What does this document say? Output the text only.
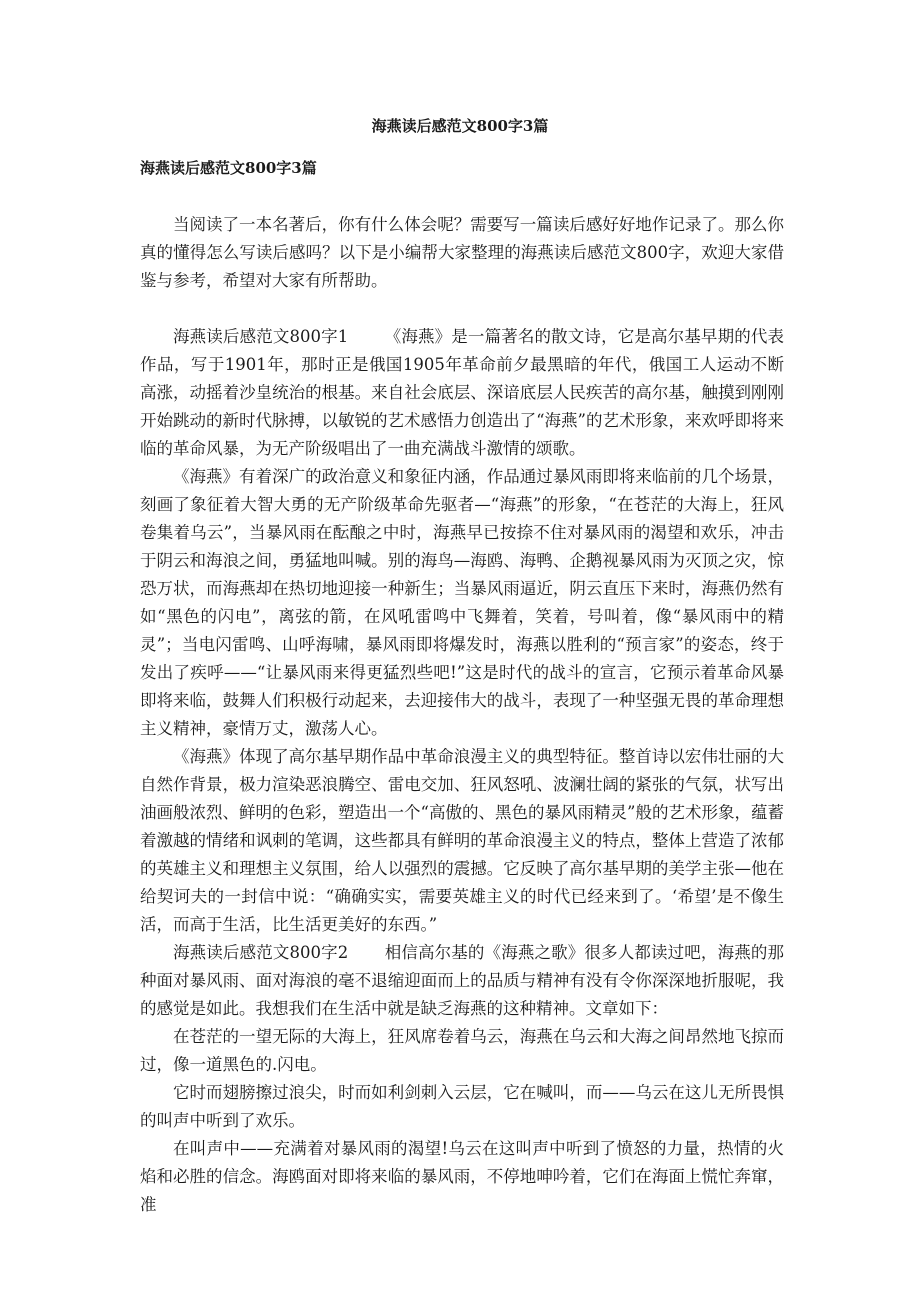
海燕读后感范文800字3篇
海燕读后感范文800字3篇

当阅读了一本名著后，你有什么体会呢？需要写一篇读后感好好地作记录了。那么你真的懂得怎么写读后感吗？以下是小编帮大家整理的海燕读后感范文800字，欢迎大家借鉴与参考，希望对大家有所帮助。

海燕读后感范文800字1 《海燕》是一篇著名的散文诗，它是高尔基早期的代表作品，写于1901年，那时正是俄国1905年革命前夕最黑暗的年代，俄国工人运动不断高涨，动摇着沙皇统治的根基。来自社会底层、深谙底层人民疾苦的高尔基，触摸到刚刚开始跳动的新时代脉搏，以敏锐的艺术感悟力创造出了“海燕”的艺术形象，来欢呼即将来临的革命风暴，为无产阶级唱出了一曲充满战斗激情的颂歌。

《海燕》有着深广的政治意义和象征内涵，作品通过暴风雨即将来临前的几个场景，刻画了象征着大智大勇的无产阶级革命先驱者—“海燕”的形象，“在苍茫的大海上，狂风卷集着乌云”，当暴风雨在酝酿之中时，海燕早已按捺不住对暴风雨的渴望和欢乐，冲击于阴云和海浪之间，勇猛地叫喊。别的海鸟—海鸥、海鸭、企鹅视暴风雨为灭顶之灾，惊恐万状，而海燕却在热切地迎接一种新生；当暴风雨逼近，阴云直压下来时，海燕仍然有如“黑色的闪电”，离弦的箭，在风吼雷鸣中飞舞着，笑着，号叫着，像“暴风雨中的精灵”；当电闪雷鸣、山呼海啸，暴风雨即将爆发时，海燕以胜利的“预言家”的姿态，终于发出了疾呼——“让暴风雨来得更猛烈些吧!”这是时代的战斗的宣言，它预示着革命风暴即将来临，鼓舞人们积极行动起来，去迎接伟大的战斗，表现了一种坚强无畏的革命理想主义精神，豪情万丈，激荡人心。

《海燕》体现了高尔基早期作品中革命浪漫主义的典型特征。整首诗以宏伟壮丽的大自然作背景，极力渲染恶浪腾空、雷电交加、狂风怒吼、波澜壮阔的紧张的气氛，状写出油画般浓烈、鲜明的色彩，塑造出一个“高傲的、黑色的暴风雨精灵”般的艺术形象，蕴蓄着激越的情绪和讽刺的笔调，这些都具有鲜明的革命浪漫主义的特点，整体上营造了浓郁的英雄主义和理想主义氛围，给人以强烈的震撼。它反映了高尔基早期的美学主张—他在给契诃夫的一封信中说：“确确实实，需要英雄主义的时代已经来到了。‘希望’是不像生活，而高于生活，比生活更美好的东西。”

海燕读后感范文800字2 相信高尔基的《海燕之歌》很多人都读过吧，海燕的那种面对暴风雨、面对海浪的毫不退缩迎面而上的品质与精神有没有令你深深地折服呢，我的感觉是如此。我想我们在生活中就是缺乏海燕的这种精神。文章如下：

在苍茫的一望无际的大海上，狂风席卷着乌云，海燕在乌云和大海之间昂然地飞掠而过，像一道黑色的.闪电。

它时而翅膀擦过浪尖，时而如利剑刺入云层，它在喊叫，而——乌云在这儿无所畏惧的叫声中听到了欢乐。

在叫声中——充满着对暴风雨的渴望!乌云在这叫声中听到了愤怒的力量，热情的火焰和必胜的信念。海鸥面对即将来临的暴风雨，不停地呻吟着，它们在海面上慌忙奔窜，准
